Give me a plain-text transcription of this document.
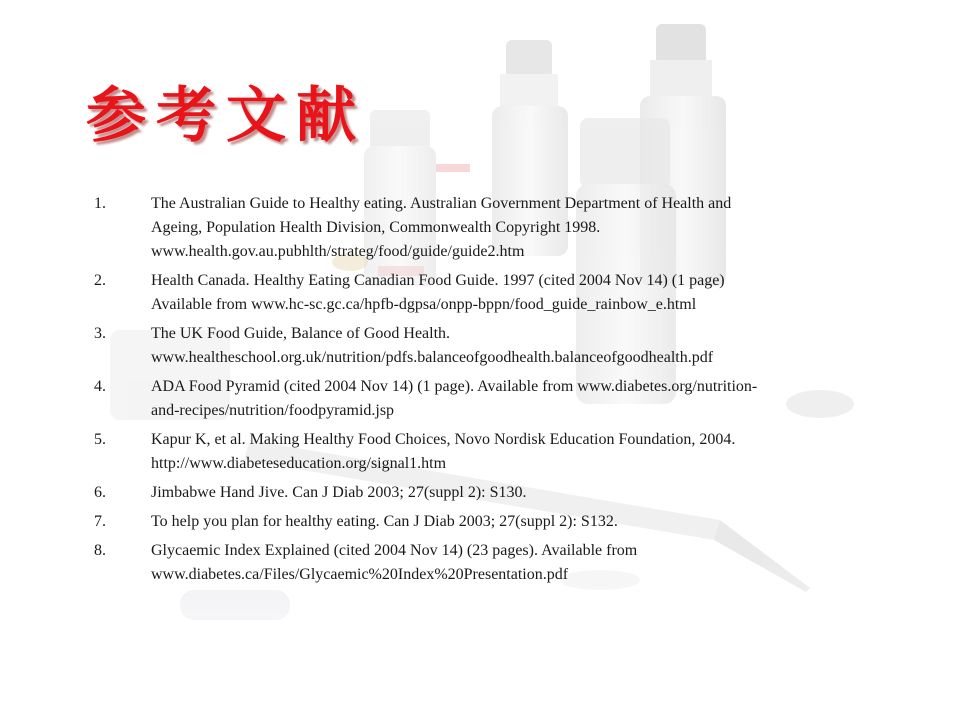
参考文献
1.	The Australian Guide to Healthy eating. Australian Government Department of Health and
Ageing, Population Health Division, Commonwealth Copyright 1998.
www.health.gov.au.pubhlth/strateg/food/guide/guide2.htm
2.	Health Canada. Healthy Eating Canadian Food Guide. 1997 (cited 2004 Nov 14) (1 page)
Available from www.hc-sc.gc.ca/hpfb-dgpsa/onpp-bppn/food_guide_rainbow_e.html
3.	The UK Food Guide, Balance of Good Health.
www.healtheschool.org.uk/nutrition/pdfs.balanceofgoodhealth.balanceofgoodhealth.pdf
4.	ADA Food Pyramid (cited 2004 Nov 14) (1 page). Available from www.diabetes.org/nutrition-
and-recipes/nutrition/foodpyramid.jsp
5.	Kapur K, et al. Making Healthy Food Choices, Novo Nordisk Education Foundation, 2004.
http://www.diabeteseducation.org/signal1.htm
6.	Jimbabwe Hand Jive. Can J Diab 2003; 27(suppl 2): S130.
7.	To help you plan for healthy eating. Can J Diab 2003; 27(suppl 2): S132.
8.	Glycaemic Index Explained (cited 2004 Nov 14) (23 pages). Available from
www.diabetes.ca/Files/Glycaemic%20Index%20Presentation.pdf
